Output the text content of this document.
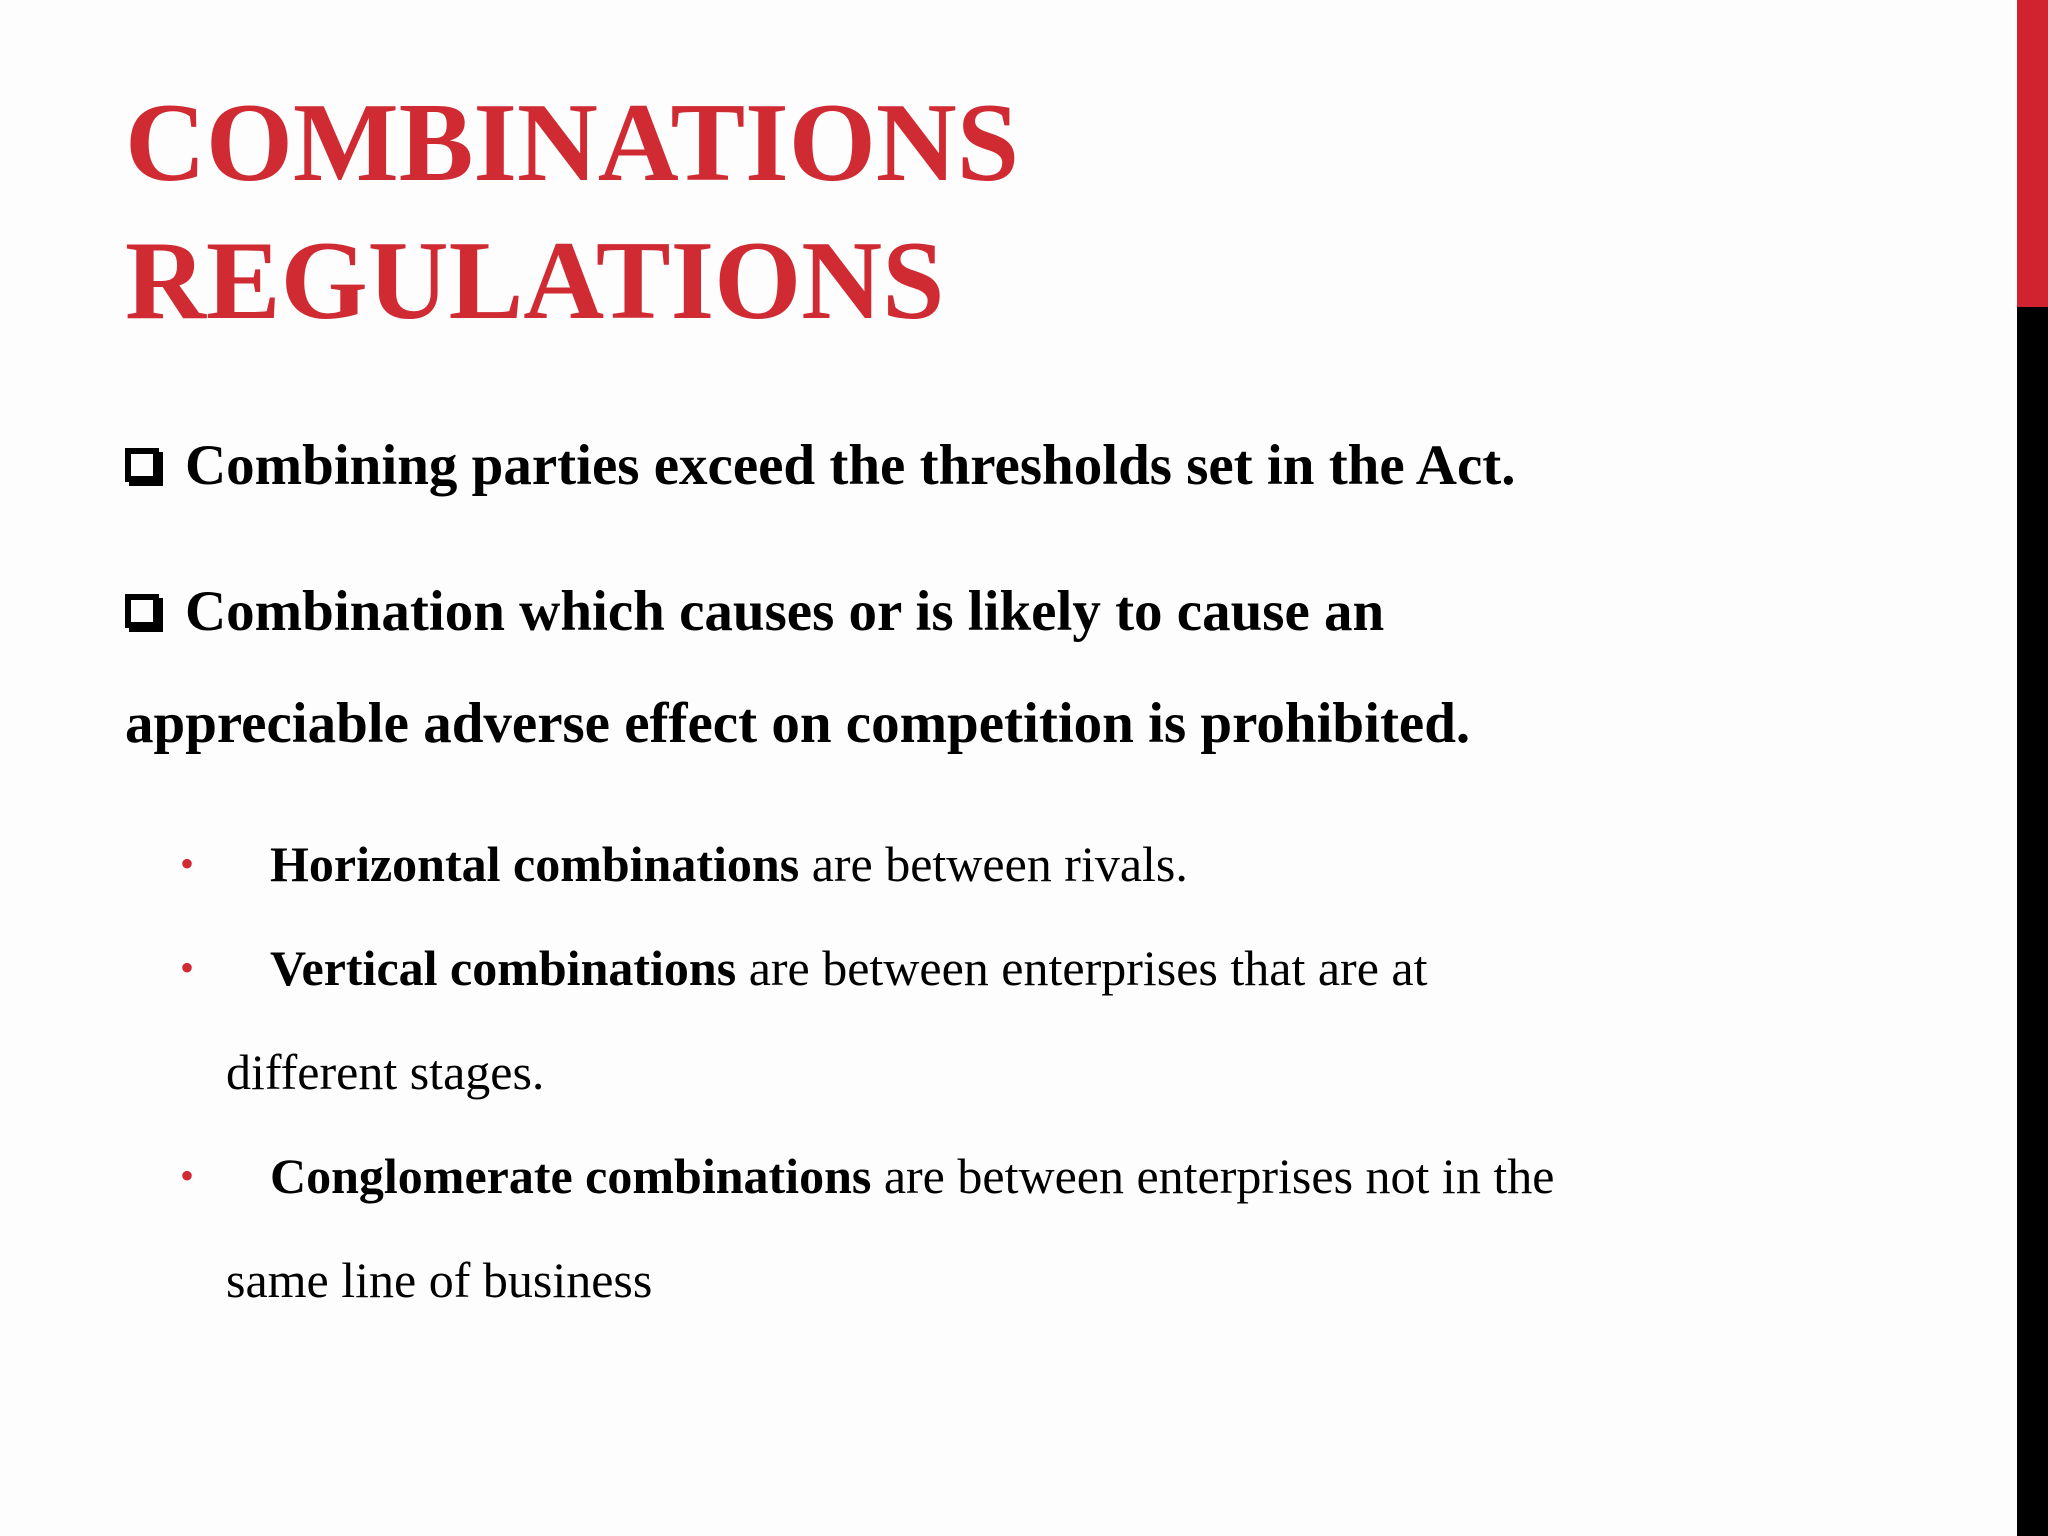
COMBINATIONS
REGULATIONS

Combining parties exceed the thresholds set in the Act.

Combination which causes or is likely to cause an

appreciable adverse effect on competition is prohibited.

• Horizontal combinations are between rivals.

• Vertical combinations are between enterprises that are at

different stages.

• Conglomerate combinations are between enterprises not in the

same line of business
